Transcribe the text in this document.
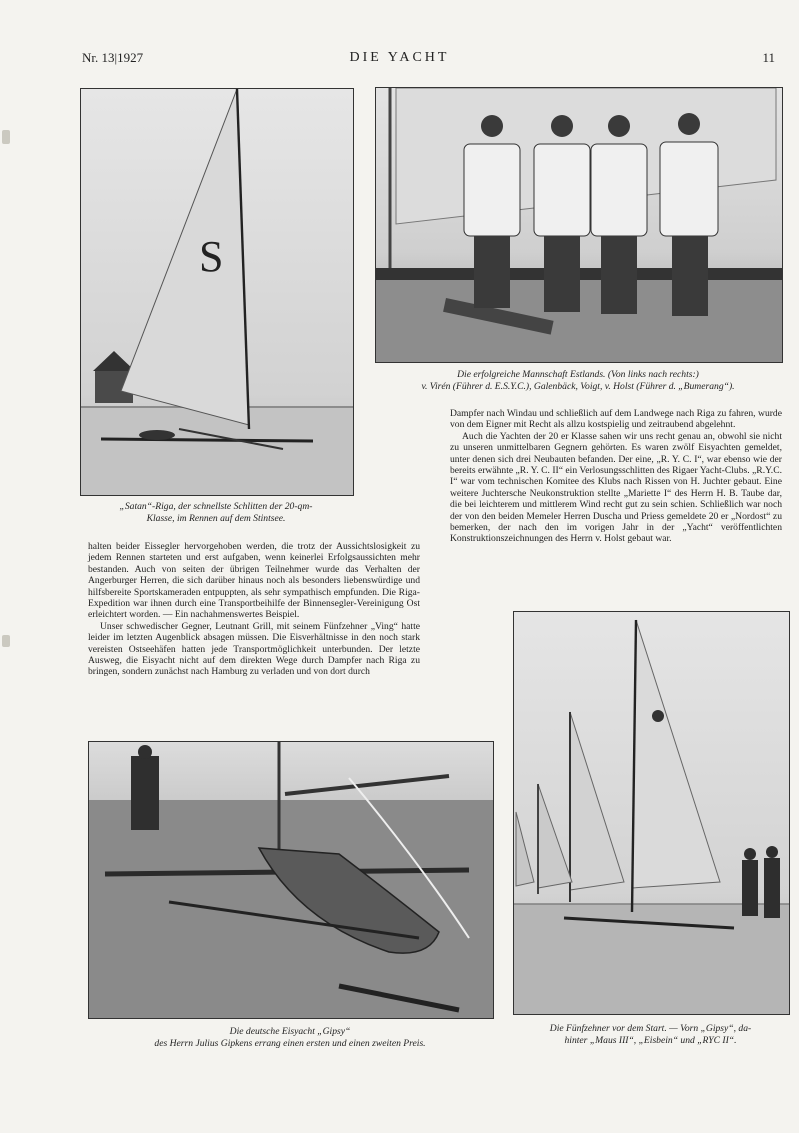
DIE YACHT
Nr. 13|1927	11
S
„Satan“-Riga, der schnellste Schlitten der 20-qm-
Klasse, im Rennen auf dem Stintsee.
Die erfolgreiche Mannschaft Estlands. (Von links nach rechts:)
v. Virén (Führer d. E.S.Y.C.), Galenbäck, Voigt, v. Holst (Führer d. „Bumerang“).

Dampfer nach Windau und schließlich auf dem Landwege nach Riga zu fahren, wurde von dem Eigner mit Recht als allzu kostspielig und zeitraubend abgelehnt.

Auch die Yachten der 20 er Klasse sahen wir uns recht genau an, obwohl sie nicht zu unseren unmittelbaren Gegnern gehörten. Es waren zwölf Eisyachten gemeldet, unter denen sich drei Neubauten befanden. Der eine, „R. Y. C. I“, war ebenso wie der bereits erwähnte „R. Y. C. II“ ein Verlosungsschlitten des Rigaer Yacht-Clubs. „R.Y.C. I“ war vom technischen Komitee des Klubs nach Rissen von H. Juchter gebaut. Eine weitere Juchtersche Neukonstruktion stellte „Mariette I“ des Herrn H. B. Taube dar, die bei leichterem und mittlerem Wind recht gut zu sein schien. Schließlich war noch der von den beiden Memeler Herren Duscha und Priess gemeldete 20 er „Nordost“ zu bemerken, der nach den im vorigen Jahr in der „Yacht“ veröffentlichten Konstruktionszeichnungen des Herrn v. Holst gebaut war.

halten beider Eissegler hervorgehoben werden, die trotz der Aussichtslosigkeit zu jedem Rennen starteten und erst aufgaben, wenn keinerlei Erfolgsaussichten mehr bestanden. Auch von seiten der übrigen Teilnehmer wurde das Verhalten der Angerburger Herren, die sich darüber hinaus noch als besonders liebenswürdige und hilfsbereite Sportskameraden entpuppten, als sehr sympathisch empfunden. Die Riga-Expedition war ihnen durch eine Transportbeihilfe der Binnensegler-Vereinigung Ost erleichtert worden. — Ein nachahmenswertes Beispiel.

Unser schwedischer Gegner, Leutnant Grill, mit seinem Fünfzehner „Ving“ hatte leider im letzten Augenblick absagen müssen. Die Eisverhältnisse in den noch stark vereisten Ostseehäfen hatten jede Transportmöglichkeit unterbunden. Der letzte Ausweg, die Eisyacht nicht auf dem direkten Wege durch Dampfer nach Riga zu bringen, sondern zunächst nach Hamburg zu verladen und von dort durch

Die deutsche Eisyacht „Gipsy“
des Herrn Julius Gipkens errang einen ersten und einen zweiten Preis.
Die Fünfzehner vor dem Start. — Vorn „Gipsy“, da-
hinter „Maus III“, „Eisbein“ und „RYC II“.
